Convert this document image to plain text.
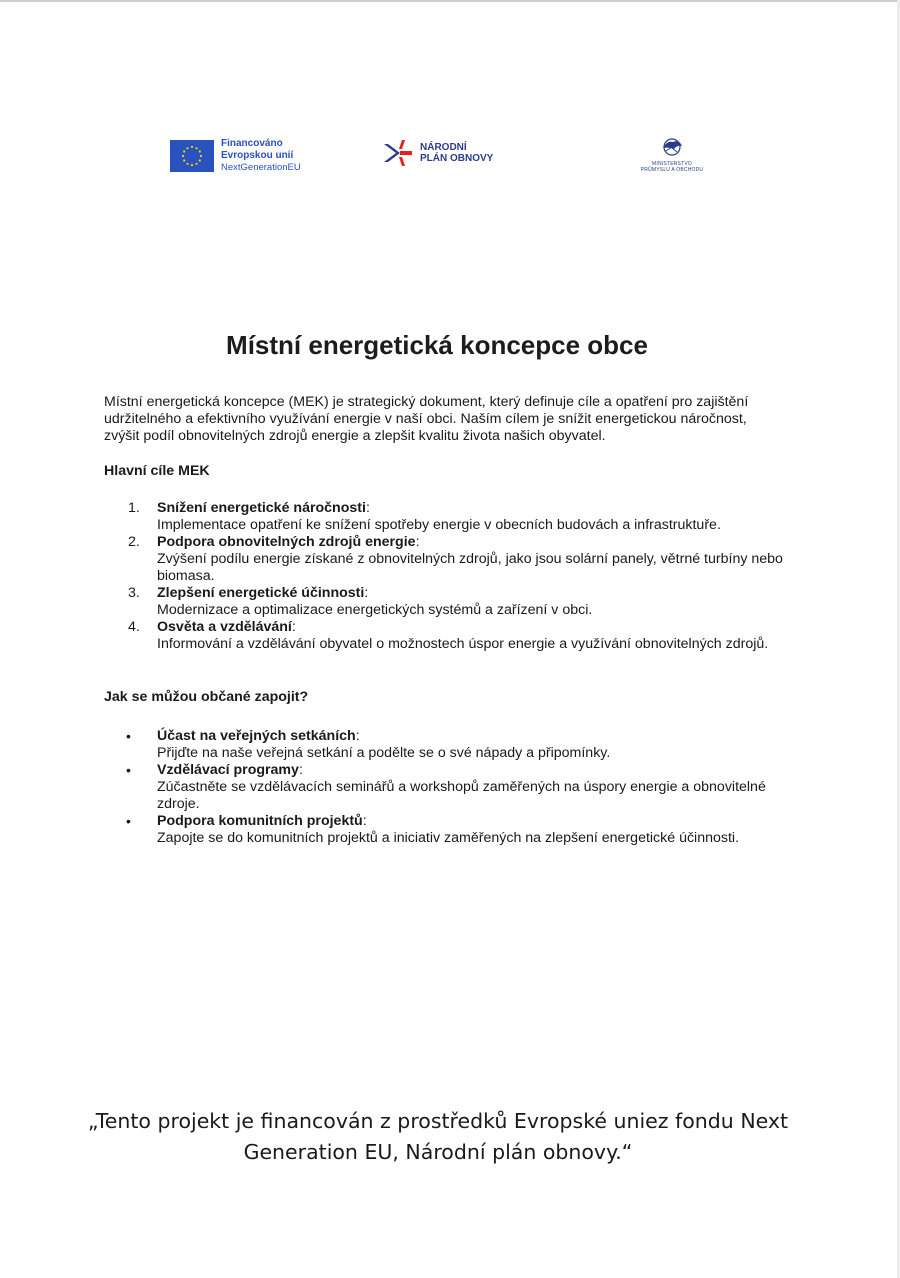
Financováno
Evropskou unií
NextGenerationEU
NÁRODNÍ
PLÁN OBNOVY	MINISTERSTVO
PRŮMYSLU A OBCHODU
Místní energetická koncepce obce

Místní energetická koncepce (MEK) je strategický dokument, který definuje cíle a opatření pro zajištění udržitelného a efektivního využívání energie v naší obci. Naším cílem je snížit energetickou náročnost, zvýšit podíl obnovitelných zdrojů energie a zlepšit kvalitu života našich obyvatel.

Hlavní cíle MEK
1.	Snížení energetické náročnosti:
Implementace opatření ke snížení spotřeby energie v obecních budovách a infrastruktuře.
2.	Podpora obnovitelných zdrojů energie:
Zvýšení podílu energie získané z obnovitelných zdrojů, jako jsou solární panely, větrné turbíny nebo biomasa.
3.	Zlepšení energetické účinnosti:
Modernizace a optimalizace energetických systémů a zařízení v obci.
4.	Osvěta a vzdělávání:
Informování a vzdělávání obyvatel o možnostech úspor energie a využívání obnovitelných zdrojů.
Jak se můžou občané zapojit?
•	Účast na veřejných setkáních:
Přijďte na naše veřejná setkání a podělte se o své nápady a připomínky.
•	Vzdělávací programy:
Zúčastněte se vzdělávacích seminářů a workshopů zaměřených na úspory energie a obnovitelné zdroje.
•	Podpora komunitních projektů:
Zapojte se do komunitních projektů a iniciativ zaměřených na zlepšení energetické účinnosti.

„Tento projekt je financován z prostředků Evropské uniez fondu Next Generation EU, Národní plán obnovy.“
